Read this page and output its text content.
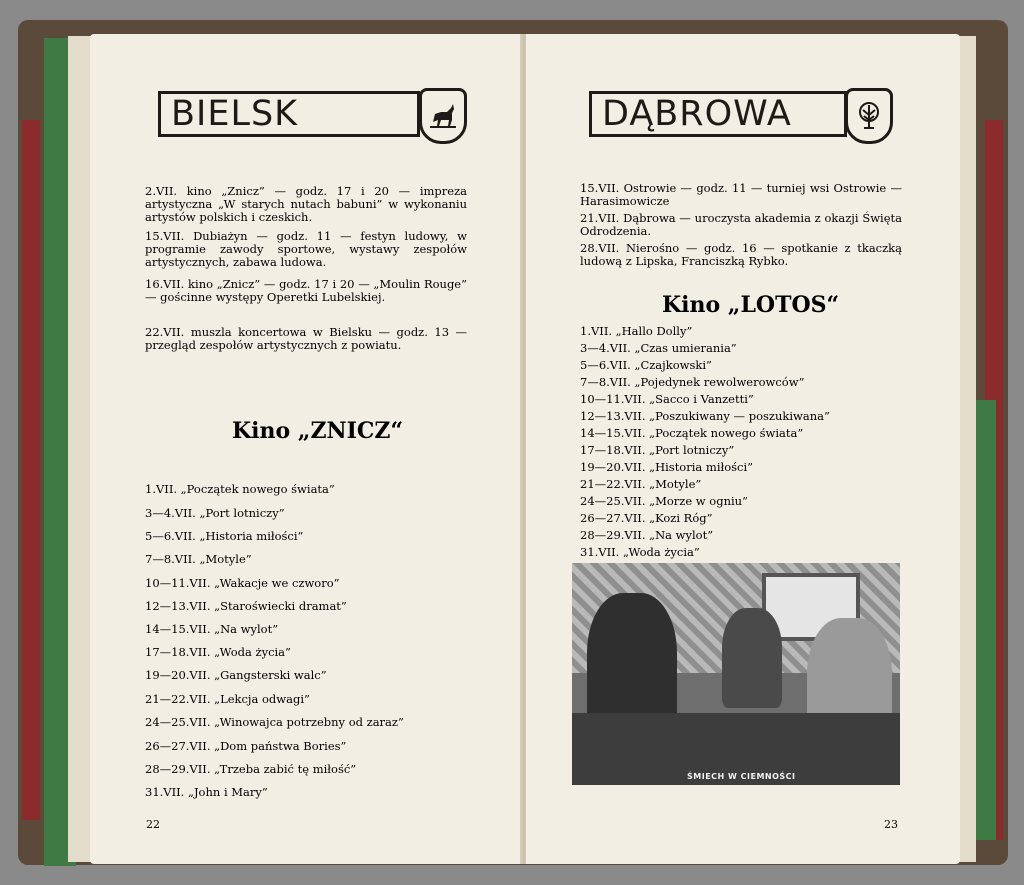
BIELSK
2.VII. kino „Znicz” — godz. 17 i 20 — impreza artystyczna „W starych nutach babuni” w wykonaniu artystów polskich i czeskich.
15.VII. Dubiażyn — godz. 11 — festyn ludowy, w programie zawody sportowe, wystawy zespołów artystycznych, zabawa ludowa.
16.VII. kino „Znicz” — godz. 17 i 20 — „Moulin Rouge” — gościnne występy Operetki Lubelskiej.
22.VII. muszla koncertowa w Bielsku — godz. 13 — przegląd zespołów artystycznych z powiatu.
Kino „ZNICZ“
1.VII. „Początek nowego świata”
3—4.VII. „Port lotniczy”
5—6.VII. „Historia miłości”
7—8.VII. „Motyle”
10—11.VII. „Wakacje we czworo”
12—13.VII. „Staroświecki dramat”
14—15.VII. „Na wylot”
17—18.VII. „Woda życia”
19—20.VII. „Gangsterski walc”
21—22.VII. „Lekcja odwagi”
24—25.VII. „Winowajca potrzebny od zaraz”
26—27.VII. „Dom państwa Bories”
28—29.VII. „Trzeba zabić tę miłość”
31.VII. „John i Mary”
22
DĄBROWA
15.VII. Ostrowie — godz. 11 — turniej wsi Ostrowie — Harasimowicze
21.VII. Dąbrowa — uroczysta akademia z okazji Święta Odrodzenia.
28.VII. Nierośno — godz. 16 — spotkanie z tkaczką ludową z Lipska, Franciszką Rybko.
Kino „LOTOS“
1.VII. „Hallo Dolly”
3—4.VII. „Czas umierania”
5—6.VII. „Czajkowski”
7—8.VII. „Pojedynek rewolwerowców”
10—11.VII. „Sacco i Vanzetti”
12—13.VII. „Poszukiwany — poszukiwana”
14—15.VII. „Początek nowego świata”
17—18.VII. „Port lotniczy”
19—20.VII. „Historia miłości”
21—22.VII. „Motyle”
24—25.VII. „Morze w ogniu”
26—27.VII. „Kozi Róg”
28—29.VII. „Na wylot”
31.VII. „Woda życia”
ŚMIECH W CIEMNOŚCI
23
